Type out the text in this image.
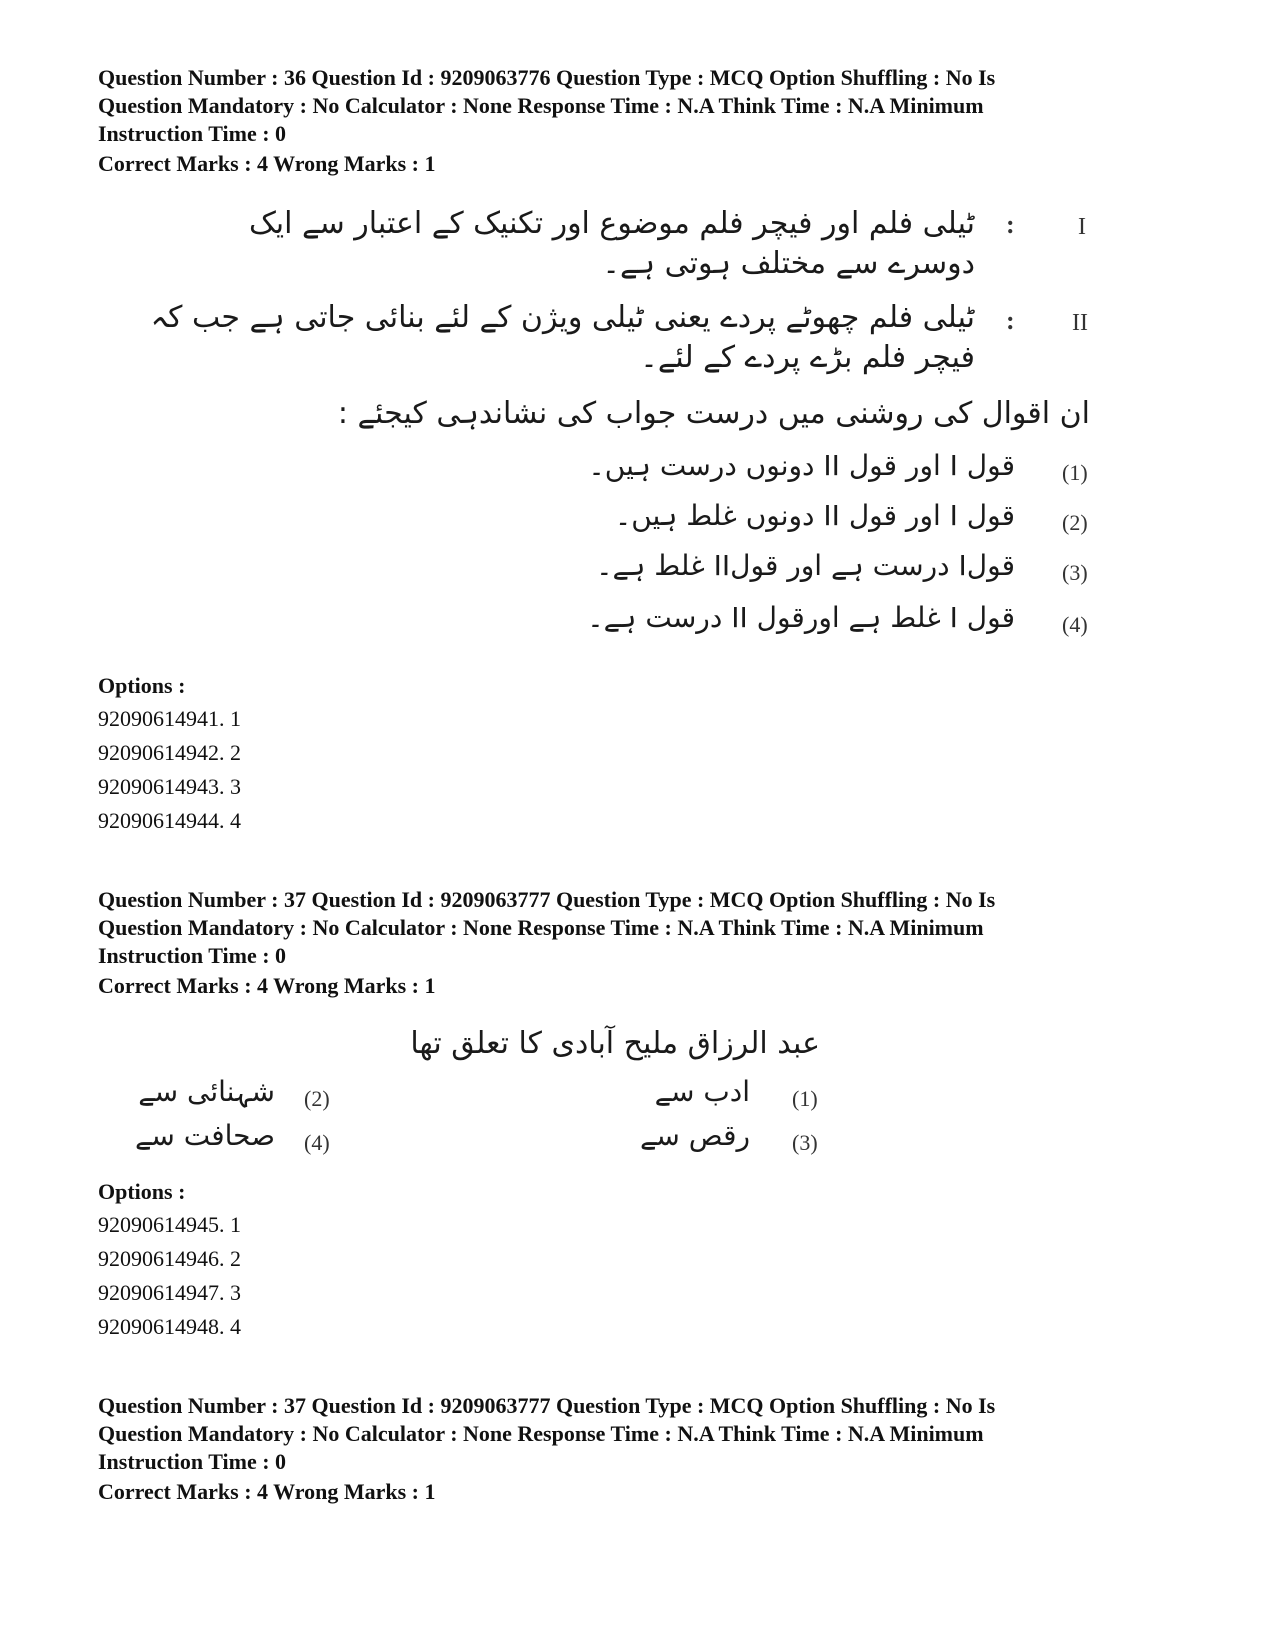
Question Number : 36 Question Id : 9209063776 Question Type : MCQ Option Shuffling : No Is
Question Mandatory : No Calculator : None Response Time : N.A Think Time : N.A Minimum
Instruction Time : 0

Correct Marks : 4 Wrong Marks : 1
I
:
ٹیلی فلم اور فیچر فلم موضوع اور تکنیک کے اعتبار سے ایک
دوسرے سے مختلف ہوتی ہے۔
II
:
ٹیلی فلم چھوٹے پردے یعنی ٹیلی ویژن کے لئے بنائی جاتی ہے جب کہ
فیچر فلم بڑے پردے کے لئے۔
ان اقوال کی روشنی میں درست جواب کی نشاندہی کیجئے :
(1)
قول I اور قول II دونوں درست ہیں۔
(2)
قول I اور قول II دونوں غلط ہیں۔
(3)
قولI درست ہے اور قولII غلط ہے۔
(4)
قول I غلط ہے اورقول II درست ہے۔
Options :
92090614941. 1
92090614942. 2
92090614943. 3
92090614944. 4

Question Number : 37 Question Id : 9209063777 Question Type : MCQ Option Shuffling : No Is
Question Mandatory : No Calculator : None Response Time : N.A Think Time : N.A Minimum
Instruction Time : 0

Correct Marks : 4 Wrong Marks : 1
عبد الرزاق ملیح آبادی کا تعلق تھا
(1)
ادب سے
(2)
شہنائی سے
(3)
رقص سے
(4)
صحافت سے
Options :
92090614945. 1
92090614946. 2
92090614947. 3
92090614948. 4

Question Number : 37 Question Id : 9209063777 Question Type : MCQ Option Shuffling : No Is
Question Mandatory : No Calculator : None Response Time : N.A Think Time : N.A Minimum
Instruction Time : 0

Correct Marks : 4 Wrong Marks : 1
